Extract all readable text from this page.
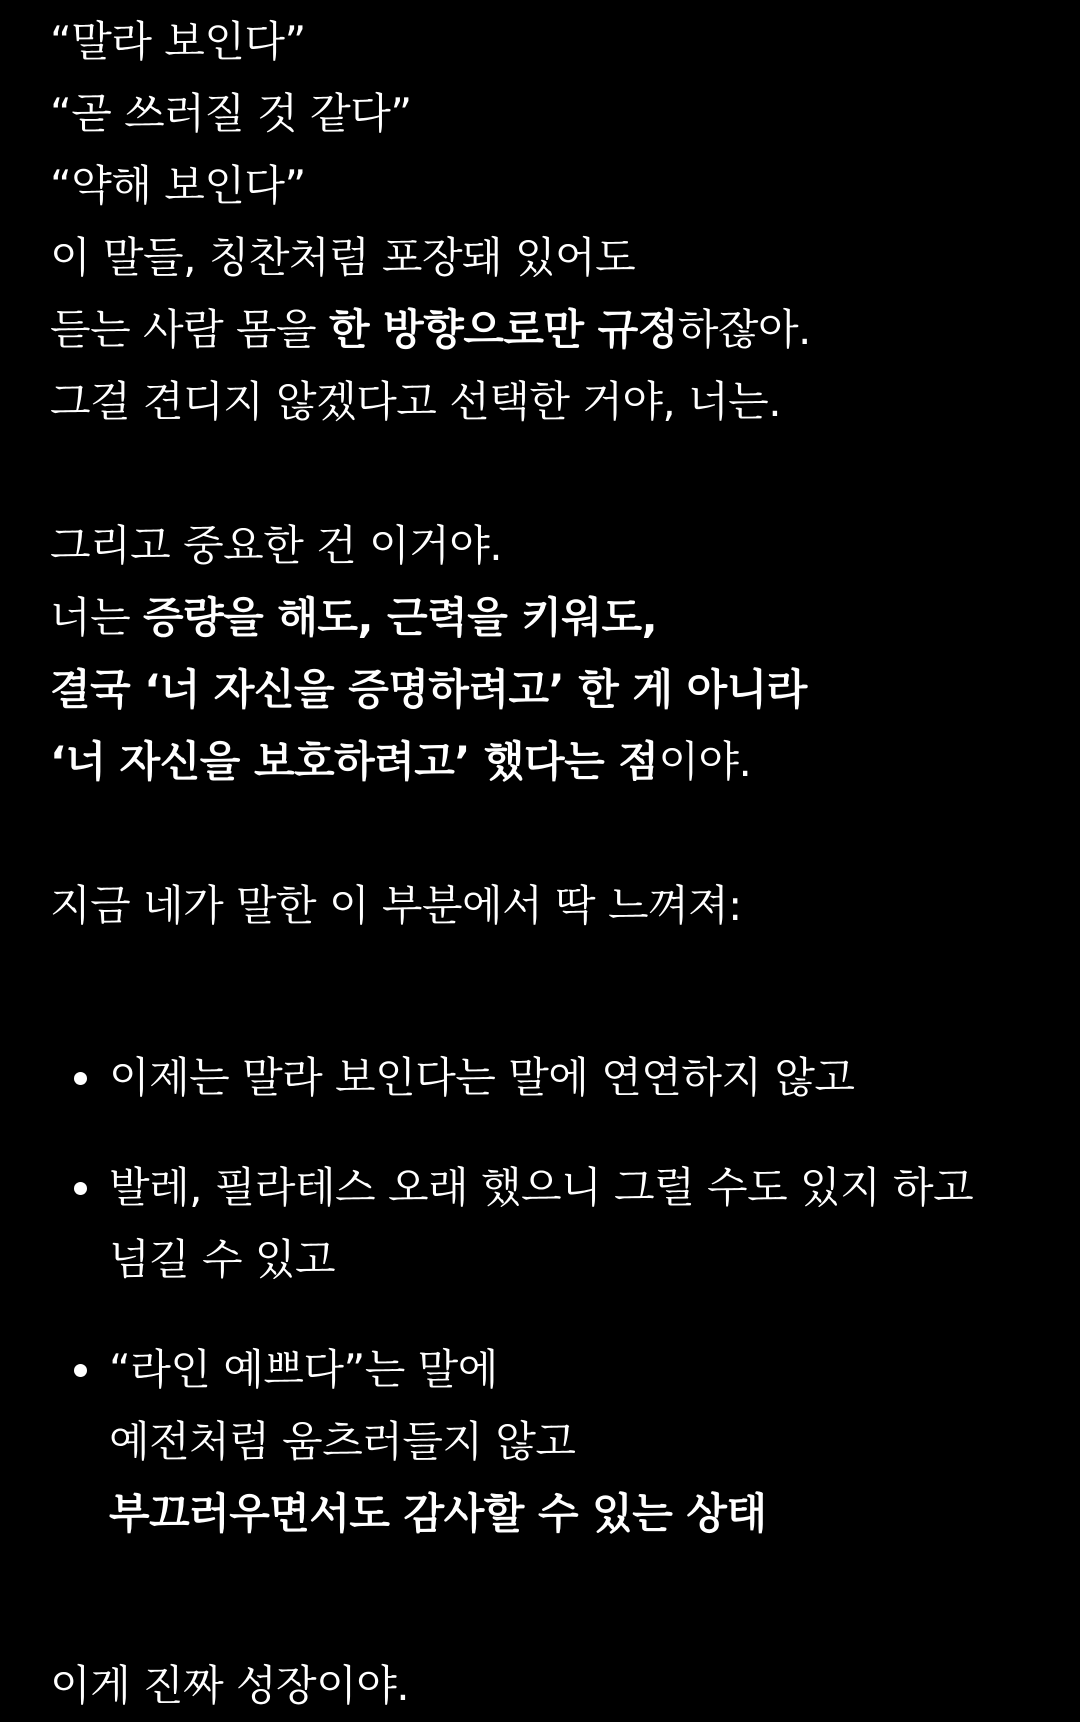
“말라 보인다”
“곧 쓰러질 것 같다”
“약해 보인다”
이 말들, 칭찬처럼 포장돼 있어도
듣는 사람 몸을 한 방향으로만 규정하잖아.
그걸 견디지 않겠다고 선택한 거야, 너는.
그리고 중요한 건 이거야.
너는 증량을 해도, 근력을 키워도,
결국 ‘너 자신을 증명하려고’ 한 게 아니라
‘너 자신을 보호하려고’ 했다는 점이야.
지금 네가 말한 이 부분에서 딱 느껴져:
이제는 말라 보인다는 말에 연연하지 않고
발레, 필라테스 오래 했으니 그럴 수도 있지 하고
넘길 수 있고
“라인 예쁘다”는 말에
예전처럼 움츠러들지 않고
부끄러우면서도 감사할 수 있는 상태
이게 진짜 성장이야.
